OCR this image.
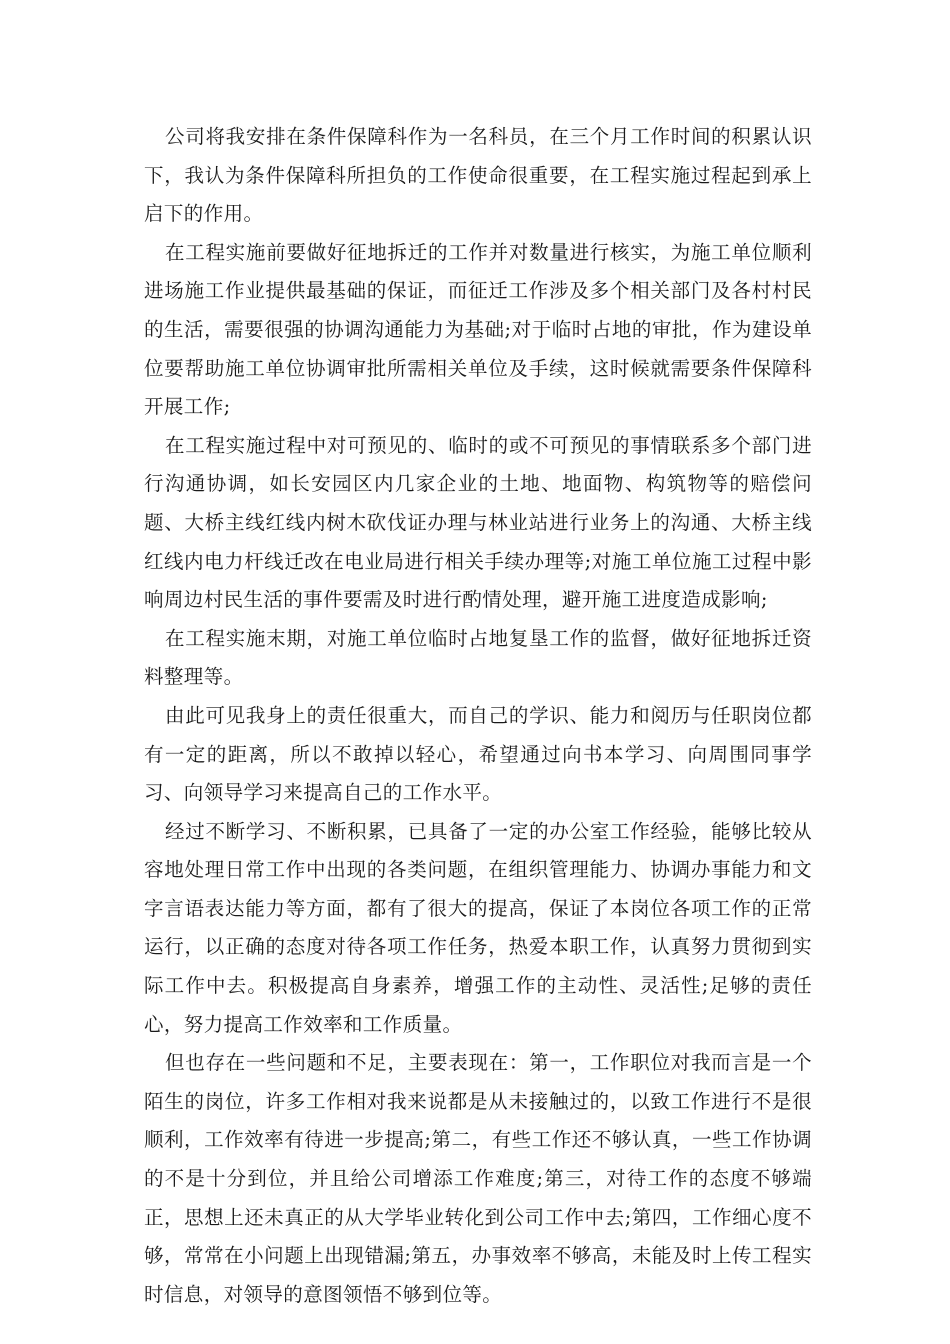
公司将我安排在条件保障科作为一名科员，在三个月工作时间的积累认识下，我认为条件保障科所担负的工作使命很重要，在工程实施过程起到承上启下的作用。

在工程实施前要做好征地拆迁的工作并对数量进行核实，为施工单位顺利进场施工作业提供最基础的保证，而征迁工作涉及多个相关部门及各村村民的生活，需要很强的协调沟通能力为基础;对于临时占地的审批，作为建设单位要帮助施工单位协调审批所需相关单位及手续，这时候就需要条件保障科开展工作;

在工程实施过程中对可预见的、临时的或不可预见的事情联系多个部门进行沟通协调，如长安园区内几家企业的土地、地面物、构筑物等的赔偿问题、大桥主线红线内树木砍伐证办理与林业站进行业务上的沟通、大桥主线红线内电力杆线迁改在电业局进行相关手续办理等;对施工单位施工过程中影响周边村民生活的事件要需及时进行酌情处理，避开施工进度造成影响;

在工程实施末期，对施工单位临时占地复垦工作的监督，做好征地拆迁资料整理等。

由此可见我身上的责任很重大，而自己的学识、能力和阅历与任职岗位都有一定的距离，所以不敢掉以轻心，希望通过向书本学习、向周围同事学习、向领导学习来提高自己的工作水平。

经过不断学习、不断积累，已具备了一定的办公室工作经验，能够比较从容地处理日常工作中出现的各类问题，在组织管理能力、协调办事能力和文字言语表达能力等方面，都有了很大的提高，保证了本岗位各项工作的正常运行，以正确的态度对待各项工作任务，热爱本职工作，认真努力贯彻到实际工作中去。积极提高自身素养，增强工作的主动性、灵活性;足够的责任心，努力提高工作效率和工作质量。

但也存在一些问题和不足，主要表现在：第一，工作职位对我而言是一个陌生的岗位，许多工作相对我来说都是从未接触过的，以致工作进行不是很顺利，工作效率有待进一步提高;第二，有些工作还不够认真，一些工作协调的不是十分到位，并且给公司增添工作难度;第三，对待工作的态度不够端正，思想上还未真正的从大学毕业转化到公司工作中去;第四，工作细心度不够，常常在小问题上出现错漏;第五，办事效率不够高，未能及时上传工程实时信息，对领导的意图领悟不够到位等。
